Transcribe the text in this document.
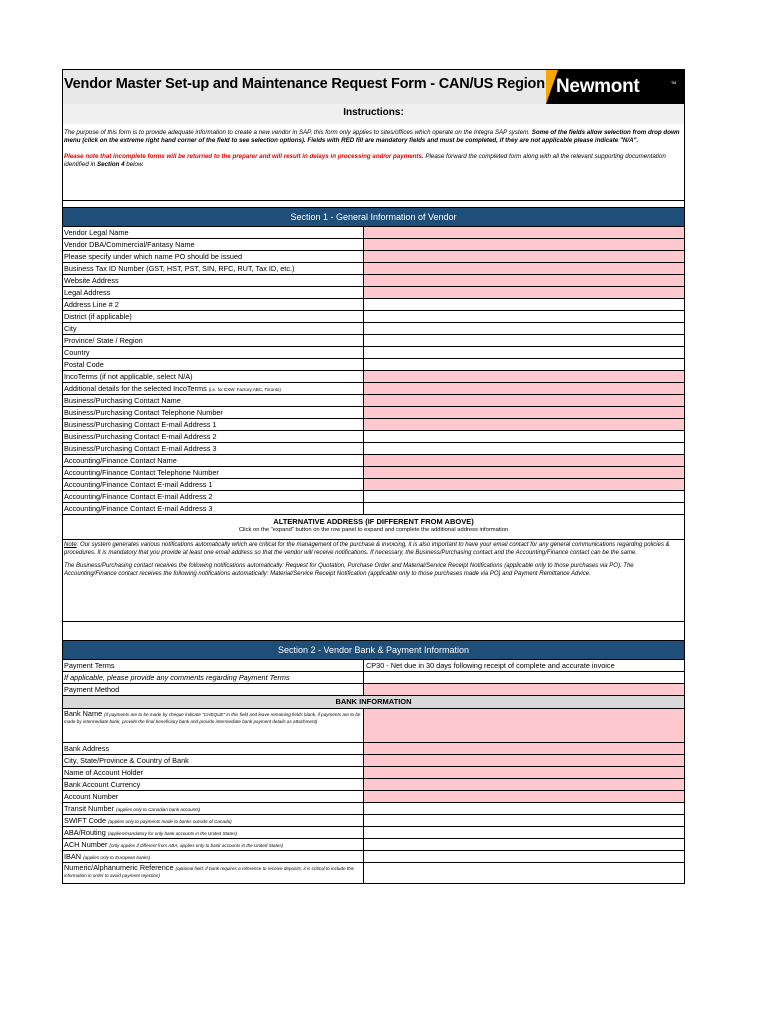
Vendor Master Set-up and Maintenance Request Form - CAN/US Region Newmont	TM
Instructions:

The purpose of this form is to provide adequate information to create a new vendor in SAP, this form only applies to sites/offices which operate on the Integra SAP system. Some of the fields allow selection from drop down menu (click on the extreme right hand corner of the field to see selection options). Fields with RED fill are mandatory fields and must be completed, if they are not applicable please indicate "N/A".

Please note that incomplete forms will be returned to the preparer and will result in delays in processing and/or payments. Please forward the completed form along with all the relevant supporting documentation identified in Section 4 below.

Section 1 - General Information of Vendor
Vendor Legal Name
Vendor DBA/Commercial/Fantasy Name
Please specify under which name PO should be issued
Business Tax ID Number (GST, HST, PST, SIN, RFC, RUT, Tax ID, etc.)
Website Address
Legal Address
Address Line # 2
District (if applicable)
City
Province/ State / Region
Country
Postal Code
IncoTerms (if not applicable, select N/A)
Additional details for the selected IncoTerms (i.e. for EXW: Factory ABC, Toronto)
Business/Purchasing Contact Name
Business/Purchasing Contact Telephone Number
Business/Purchasing Contact E-mail Address 1
Business/Purchasing Contact E-mail Address 2
Business/Purchasing Contact E-mail Address 3
Accounting/Finance Contact Name
Accounting/Finance Contact Telephone Number
Accounting/Finance Contact E-mail Address 1
Accounting/Finance Contact E-mail Address 2
Accounting/Finance Contact E-mail Address 3
ALTERNATIVE ADDRESS (IF DIFFERENT FROM ABOVE)
Click on the "expand" button on the row panel to expand and complete the additional address information

Note: Our system generates various notifications automatically which are critical for the management of the purchase & invoicing, it is also important to have your email contact for any general communications regarding policies & procedures. It is mandatory that you provide at least one email address so that the vendor will receive notifications. If necessary, the Business/Purchasing contact and the Accounting/Finance contact can be the same.

The Business/Purchasing contact receives the following notifications automatically: Request for Quotation, Purchase Order and Material/Service Receipt Notifications (applicable only to those purchases via PO). The Accounting/Finance contact receives the following notifications automatically: Material/Service Receipt Notification (applicable only to those purchases made via PO) and Payment Remittance Advice.

Section 2 - Vendor Bank & Payment Information
Payment Terms	CP30 - Net due in 30 days following receipt of complete and accurate invoice
If applicable, please provide any comments regarding Payment Terms
Payment Method
BANK INFORMATION
Bank Name (if payments are to be made by cheque indicate "CHEQUE" in this field and leave remaining fields blank, if payments are to be made by intermediate bank, provide the final beneficiary bank and provide intermediate bank payment details as attachment)
Bank Address
City, State/Province & Country of Bank
Name of Account Holder
Bank Account Currency
Account Number
Transit Number (applies only to Canadian bank accounts)
SWIFT Code (applies only to payments made to banks outside of Canada)
ABA/Routing (applies/mandatory for only bank accounts in the United States)
ACH Number (only applies if different from ABA, applies only to bank accounts in the United States)
IBAN (applies only to European banks)
Numeric/Alphanumeric Reference (optional field, if bank requires a reference to receive deposits, it is critical to include this information in order to avoid payment rejection)
